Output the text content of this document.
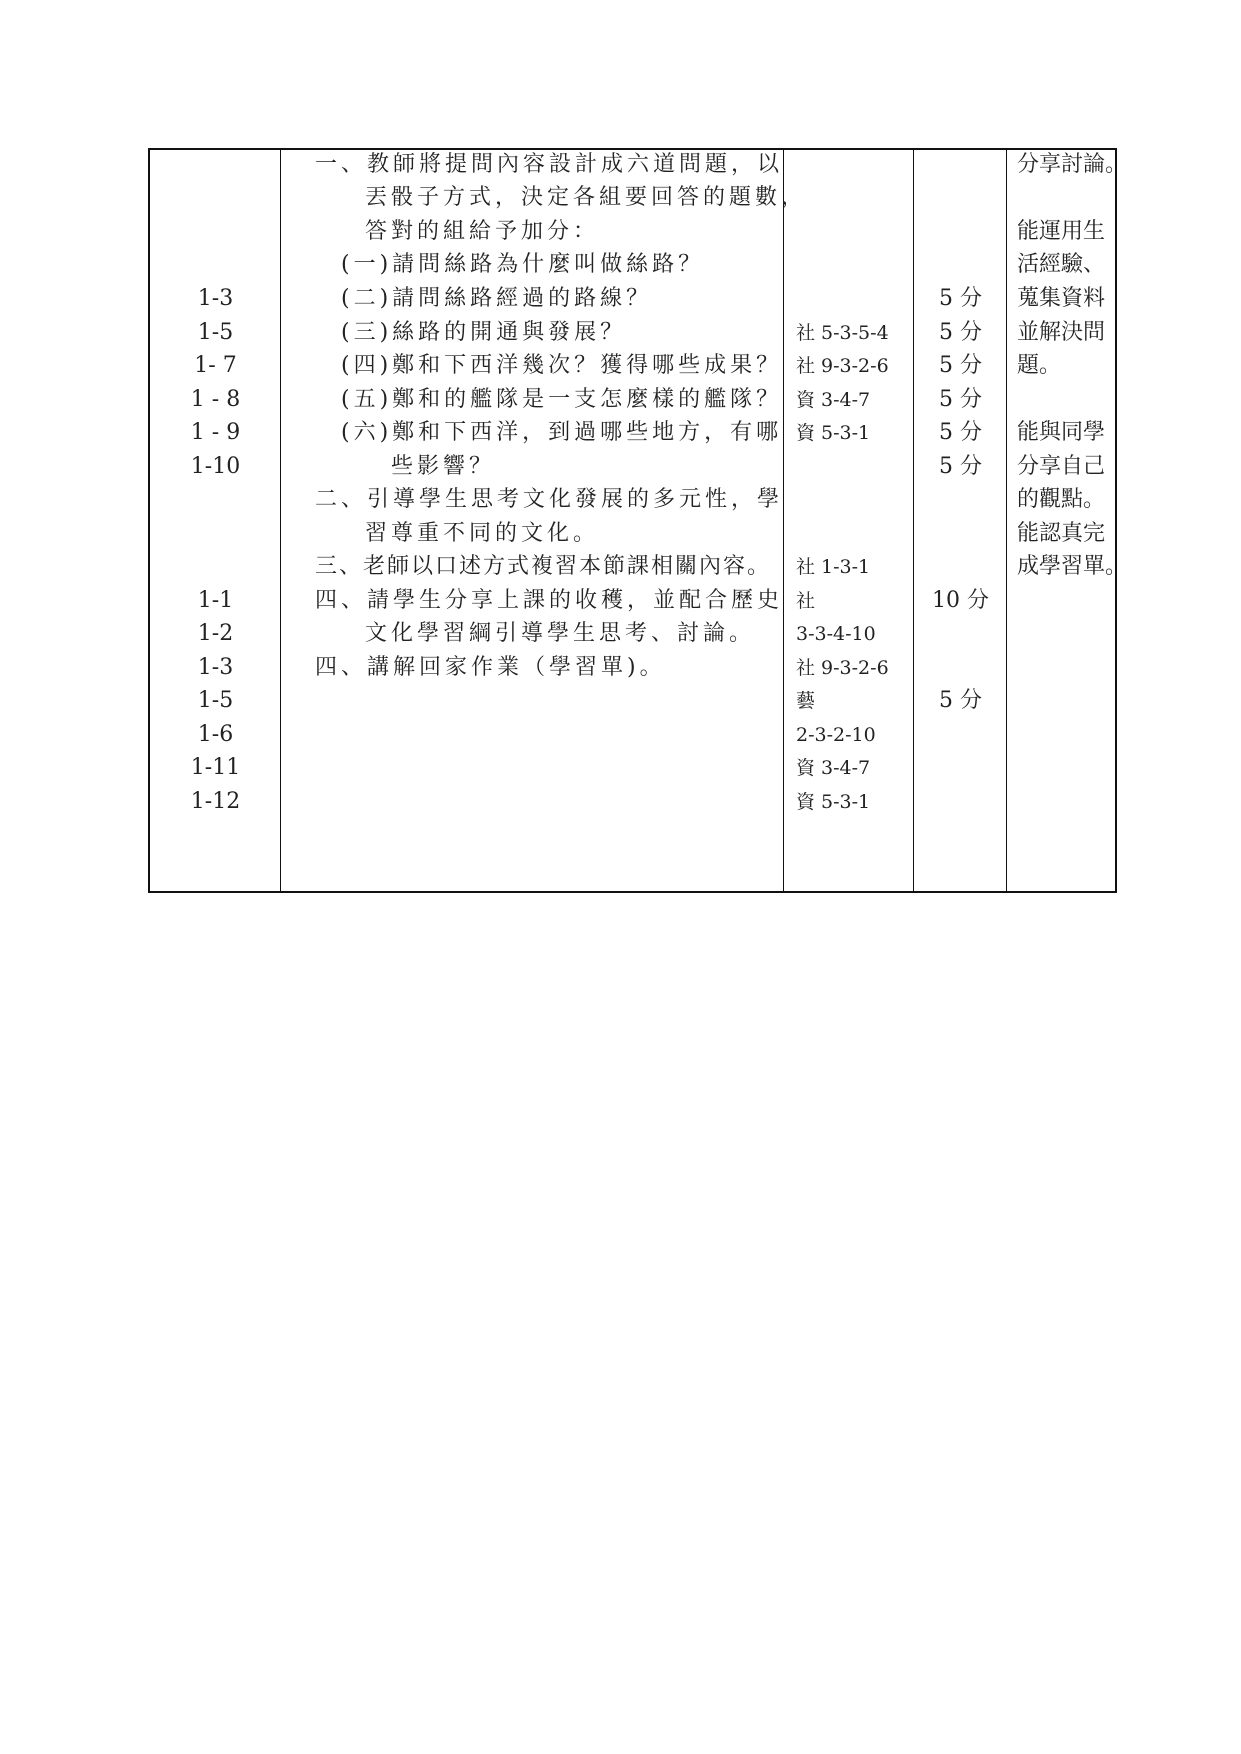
1-3
1-5
1- 7
1 - 8
1 - 9
1-10
1-1
1-2
1-3
1-5
1-6
1-11
1-12
一、教師將提問內容設計成六道問題，以
丟骰子方式，決定各組要回答的題數，
答對的組給予加分：
(一)請問絲路為什麼叫做絲路？
(二)請問絲路經過的路線？
(三)絲路的開通與發展？
(四)鄭和下西洋幾次？獲得哪些成果？
(五)鄭和的艦隊是一支怎麼樣的艦隊？
(六)鄭和下西洋，到過哪些地方，有哪
些影響？
二、引導學生思考文化發展的多元性，學
習尊重不同的文化。
三、老師以口述方式複習本節課相關內容。
四、請學生分享上課的收穫，並配合歷史
文化學習綱引導學生思考、討論。
四、講解回家作業（學習單)。
社 5-3-5-4
社 9-3-2-6
資 3-4-7
資 5-3-1
社 1-3-1
社
3-3-4-10
社 9-3-2-6
藝
2-3-2-10
資 3-4-7
資 5-3-1
5 分
5 分
5 分
5 分
5 分
5 分
10 分
5 分
分享討論。
能運用生
活經驗、
蒐集資料
並解決問
題。
能與同學
分享自己
的觀點。
能認真完
成學習單。
